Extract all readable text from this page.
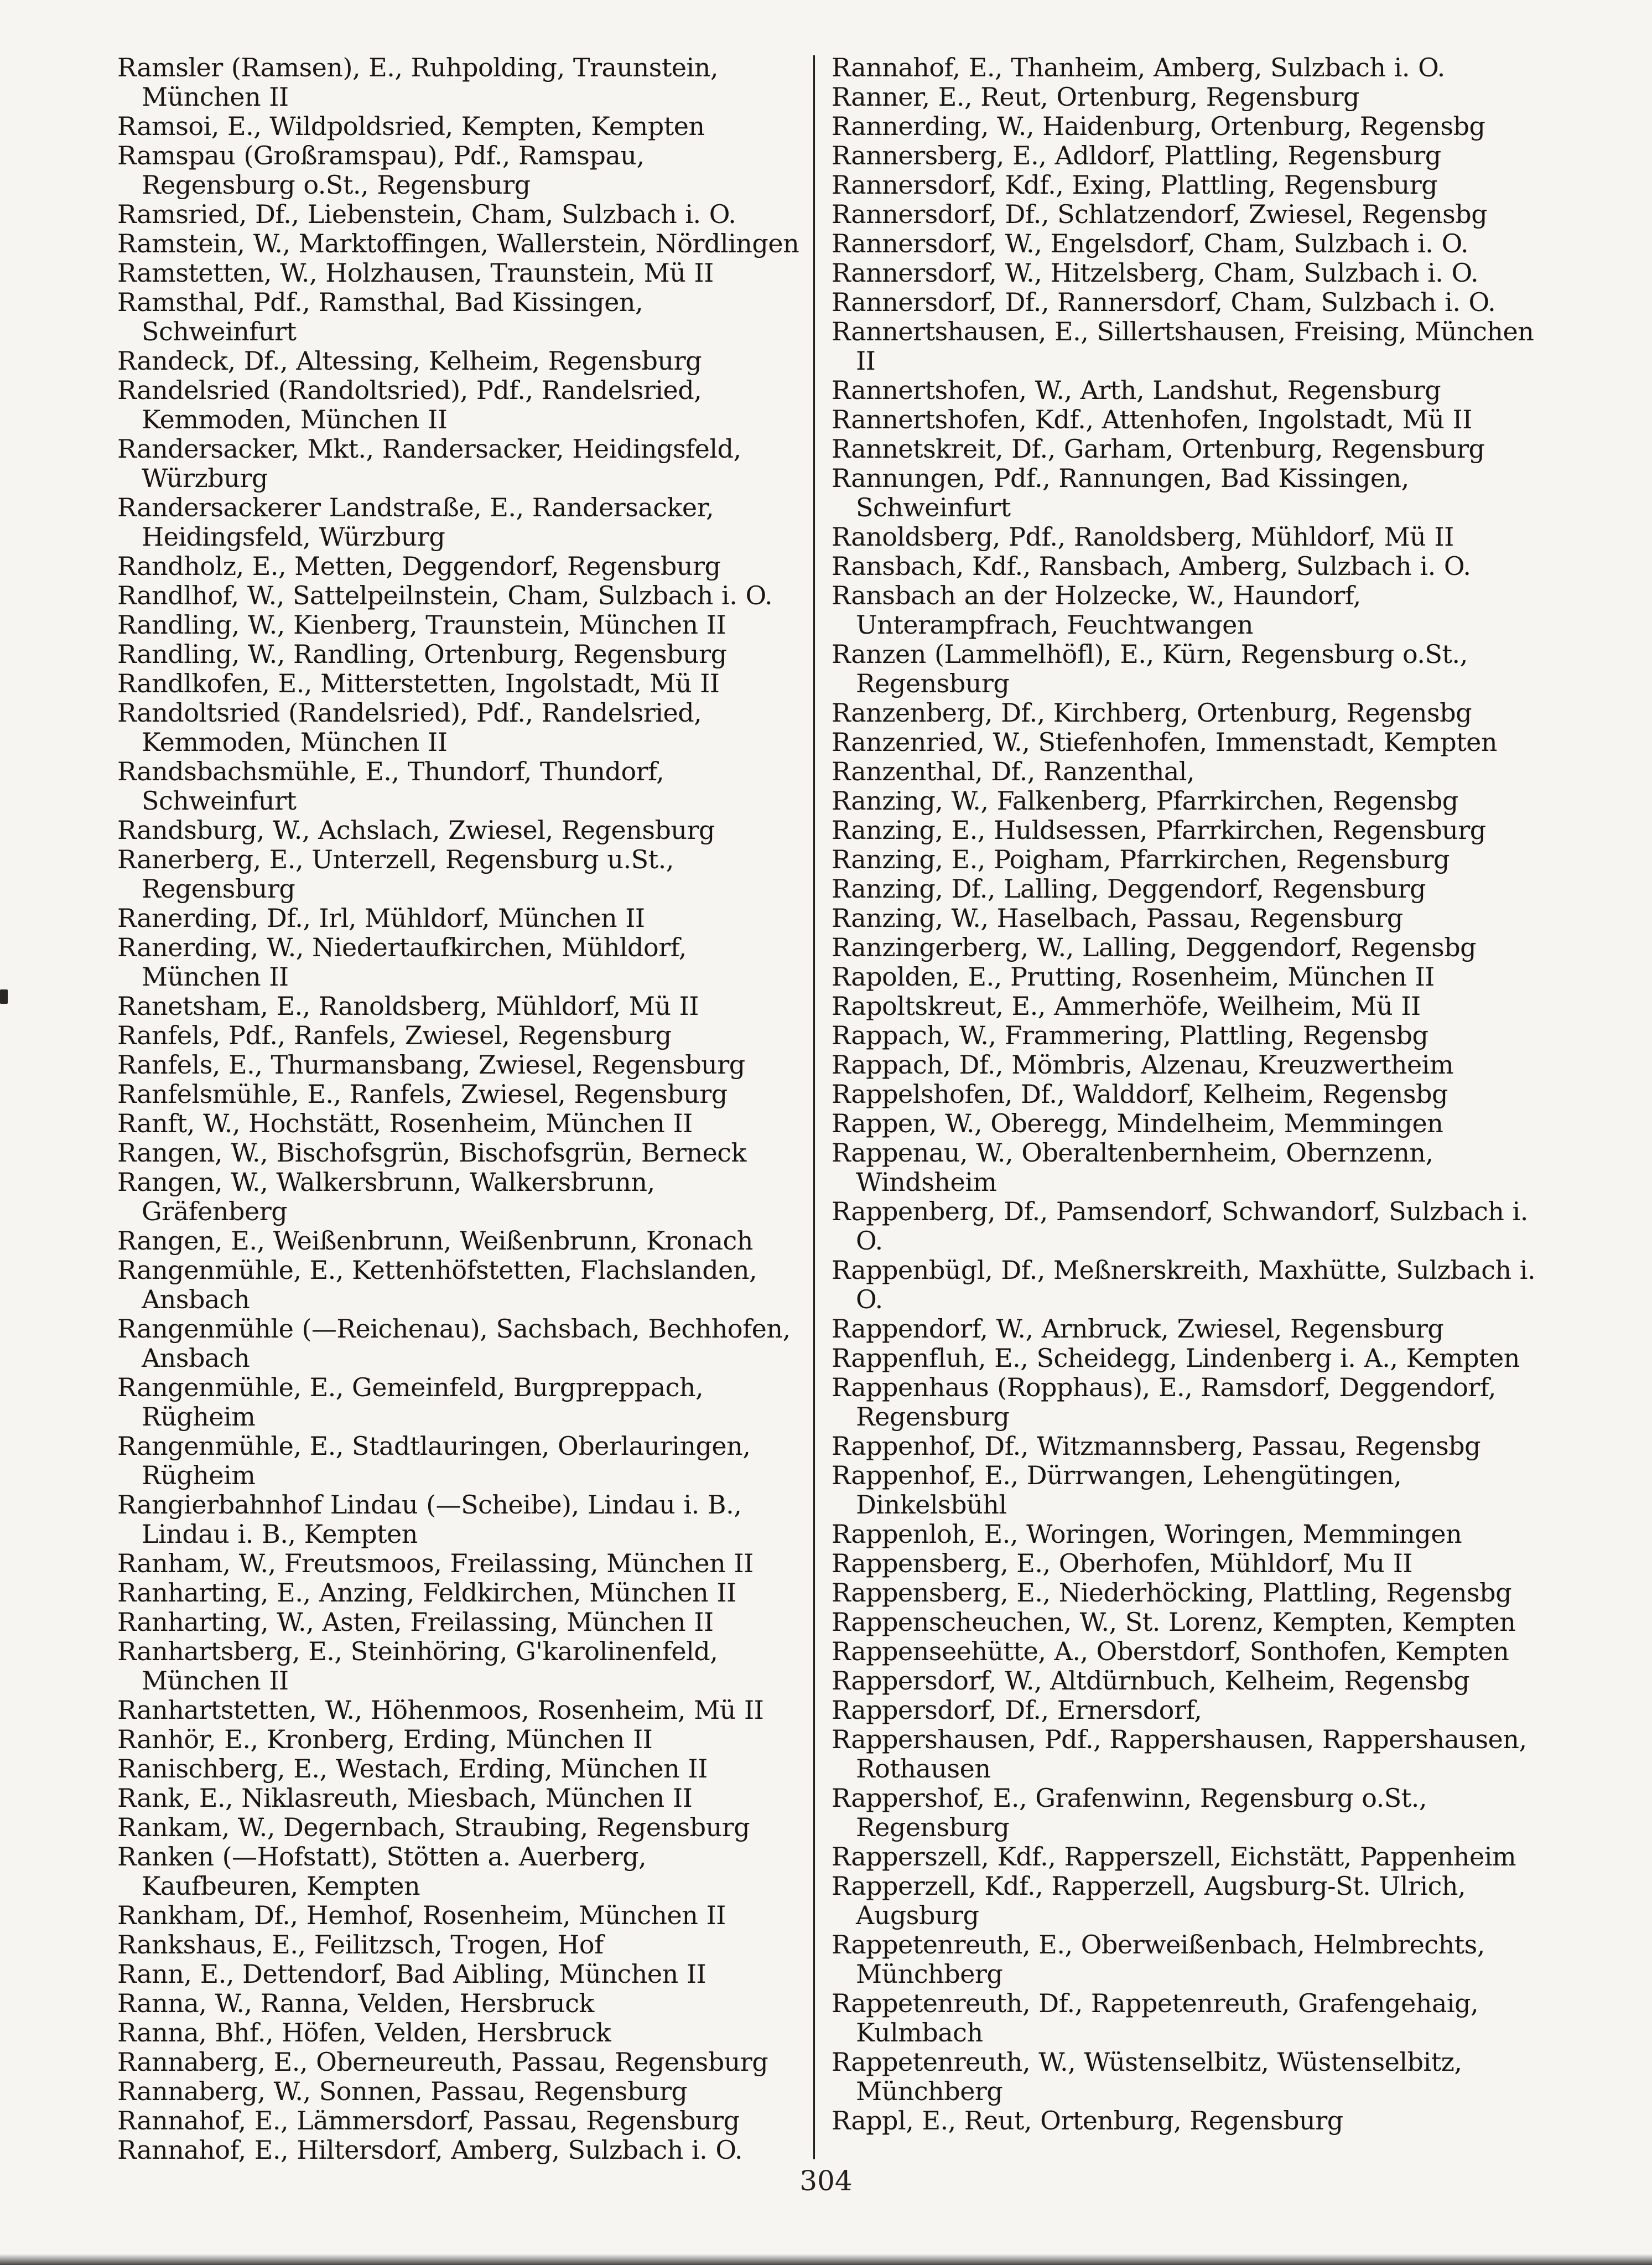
Ramsler (Ramsen), E., Ruhpolding, Traunstein, München II

Ramsoi, E., Wildpoldsried, Kempten, Kempten

Ramspau (Großramspau), Pdf., Ramspau, Regensburg o.St., Regensburg

Ramsried, Df., Liebenstein, Cham, Sulzbach i. O.

Ramstein, W., Marktoffingen, Wallerstein, Nördlingen

Ramstetten, W., Holzhausen, Traunstein, Mü II

Ramsthal, Pdf., Ramsthal, Bad Kissingen, Schweinfurt

Randeck, Df., Altessing, Kelheim, Regensburg

Randelsried (Randoltsried), Pdf., Randelsried, Kemmoden, München II

Randersacker, Mkt., Randersacker, Heidingsfeld, Würzburg

Randersackerer Landstraße, E., Randersacker, Heidingsfeld, Würzburg

Randholz, E., Metten, Deggendorf, Regensburg

Randlhof, W., Sattelpeilnstein, Cham, Sulzbach i. O.

Randling, W., Kienberg, Traunstein, München II

Randling, W., Randling, Ortenburg, Regensburg

Randlkofen, E., Mitterstetten, Ingolstadt, Mü II

Randoltsried (Randelsried), Pdf., Randelsried, Kemmoden, München II

Randsbachsmühle, E., Thundorf, Thundorf, Schweinfurt

Randsburg, W., Achslach, Zwiesel, Regensburg

Ranerberg, E., Unterzell, Regensburg u.St., Regensburg

Ranerding, Df., Irl, Mühldorf, München II

Ranerding, W., Niedertaufkirchen, Mühldorf, München II

Ranetsham, E., Ranoldsberg, Mühldorf, Mü II

Ranfels, Pdf., Ranfels, Zwiesel, Regensburg

Ranfels, E., Thurmansbang, Zwiesel, Regensburg

Ranfelsmühle, E., Ranfels, Zwiesel, Regensburg

Ranft, W., Hochstätt, Rosenheim, München II

Rangen, W., Bischofsgrün, Bischofsgrün, Berneck

Rangen, W., Walkersbrunn, Walkersbrunn, Gräfenberg

Rangen, E., Weißenbrunn, Weißenbrunn, Kronach

Rangenmühle, E., Kettenhöfstetten, Flachslanden, Ansbach

Rangenmühle (—Reichenau), Sachsbach, Bechhofen, Ansbach

Rangenmühle, E., Gemeinfeld, Burgpreppach, Rügheim

Rangenmühle, E., Stadtlauringen, Oberlauringen, Rügheim

Rangierbahnhof Lindau (—Scheibe), Lindau i. B., Lindau i. B., Kempten

Ranham, W., Freutsmoos, Freilassing, München II

Ranharting, E., Anzing, Feldkirchen, München II

Ranharting, W., Asten, Freilassing, München II

Ranhartsberg, E., Steinhöring, G'karolinenfeld, München II

Ranhartstetten, W., Höhenmoos, Rosenheim, Mü II

Ranhör, E., Kronberg, Erding, München II

Ranischberg, E., Westach, Erding, München II

Rank, E., Niklasreuth, Miesbach, München II

Rankam, W., Degernbach, Straubing, Regensburg

Ranken (—Hofstatt), Stötten a. Auerberg, Kaufbeuren, Kempten

Rankham, Df., Hemhof, Rosenheim, München II

Rankshaus, E., Feilitzsch, Trogen, Hof

Rann, E., Dettendorf, Bad Aibling, München II

Ranna, W., Ranna, Velden, Hersbruck

Ranna, Bhf., Höfen, Velden, Hersbruck

Rannaberg, E., Oberneureuth, Passau, Regensburg

Rannaberg, W., Sonnen, Passau, Regensburg

Rannahof, E., Lämmersdorf, Passau, Regensburg

Rannahof, E., Hiltersdorf, Amberg, Sulzbach i. O.

Rannahof, E., Thanheim, Amberg, Sulzbach i. O.

Ranner, E., Reut, Ortenburg, Regensburg

Rannerding, W., Haidenburg, Ortenburg, Regensbg

Rannersberg, E., Adldorf, Plattling, Regensburg

Rannersdorf, Kdf., Exing, Plattling, Regensburg

Rannersdorf, Df., Schlatzendorf, Zwiesel, Regensbg

Rannersdorf, W., Engelsdorf, Cham, Sulzbach i. O.

Rannersdorf, W., Hitzelsberg, Cham, Sulzbach i. O.

Rannersdorf, Df., Rannersdorf, Cham, Sulzbach i. O.

Rannertshausen, E., Sillertshausen, Freising, München II

Rannertshofen, W., Arth, Landshut, Regensburg

Rannertshofen, Kdf., Attenhofen, Ingolstadt, Mü II

Rannetskreit, Df., Garham, Ortenburg, Regensburg

Rannungen, Pdf., Rannungen, Bad Kissingen, Schweinfurt

Ranoldsberg, Pdf., Ranoldsberg, Mühldorf, Mü II

Ransbach, Kdf., Ransbach, Amberg, Sulzbach i. O.

Ransbach an der Holzecke, W., Haundorf, Unterampfrach, Feuchtwangen

Ranzen (Lammelhöfl), E., Kürn, Regensburg o.St., Regensburg

Ranzenberg, Df., Kirchberg, Ortenburg, Regensbg

Ranzenried, W., Stiefenhofen, Immenstadt, Kempten

Ranzenthal, Df., Ranzenthal,

Ranzing, W., Falkenberg, Pfarrkirchen, Regensbg

Ranzing, E., Huldsessen, Pfarrkirchen, Regensburg

Ranzing, E., Poigham, Pfarrkirchen, Regensburg

Ranzing, Df., Lalling, Deggendorf, Regensburg

Ranzing, W., Haselbach, Passau, Regensburg

Ranzingerberg, W., Lalling, Deggendorf, Regensbg

Rapolden, E., Prutting, Rosenheim, München II

Rapoltskreut, E., Ammerhöfe, Weilheim, Mü II

Rappach, W., Frammering, Plattling, Regensbg

Rappach, Df., Mömbris, Alzenau, Kreuzwertheim

Rappelshofen, Df., Walddorf, Kelheim, Regensbg

Rappen, W., Oberegg, Mindelheim, Memmingen

Rappenau, W., Oberaltenbernheim, Obernzenn, Windsheim

Rappenberg, Df., Pamsendorf, Schwandorf, Sulzbach i. O.

Rappenbügl, Df., Meßnerskreith, Maxhütte, Sulzbach i. O.

Rappendorf, W., Arnbruck, Zwiesel, Regensburg

Rappenfluh, E., Scheidegg, Lindenberg i. A., Kempten

Rappenhaus (Ropphaus), E., Ramsdorf, Deggendorf, Regensburg

Rappenhof, Df., Witzmannsberg, Passau, Regensbg

Rappenhof, E., Dürrwangen, Lehengütingen, Dinkelsbühl

Rappenloh, E., Woringen, Woringen, Memmingen

Rappensberg, E., Oberhofen, Mühldorf, Mu II

Rappensberg, E., Niederhöcking, Plattling, Regensbg

Rappenscheuchen, W., St. Lorenz, Kempten, Kempten

Rappenseehütte, A., Oberstdorf, Sonthofen, Kempten

Rappersdorf, W., Altdürnbuch, Kelheim, Regensbg

Rappersdorf, Df., Ernersdorf,

Rappershausen, Pdf., Rappershausen, Rappershausen, Rothausen

Rappershof, E., Grafenwinn, Regensburg o.St., Regensburg

Rapperszell, Kdf., Rapperszell, Eichstätt, Pappenheim

Rapperzell, Kdf., Rapperzell, Augsburg-St. Ulrich, Augsburg

Rappetenreuth, E., Oberweißenbach, Helmbrechts, Münchberg

Rappetenreuth, Df., Rappetenreuth, Grafengehaig, Kulmbach

Rappetenreuth, W., Wüstenselbitz, Wüstenselbitz, Münchberg

Rappl, E., Reut, Ortenburg, Regensburg

304
